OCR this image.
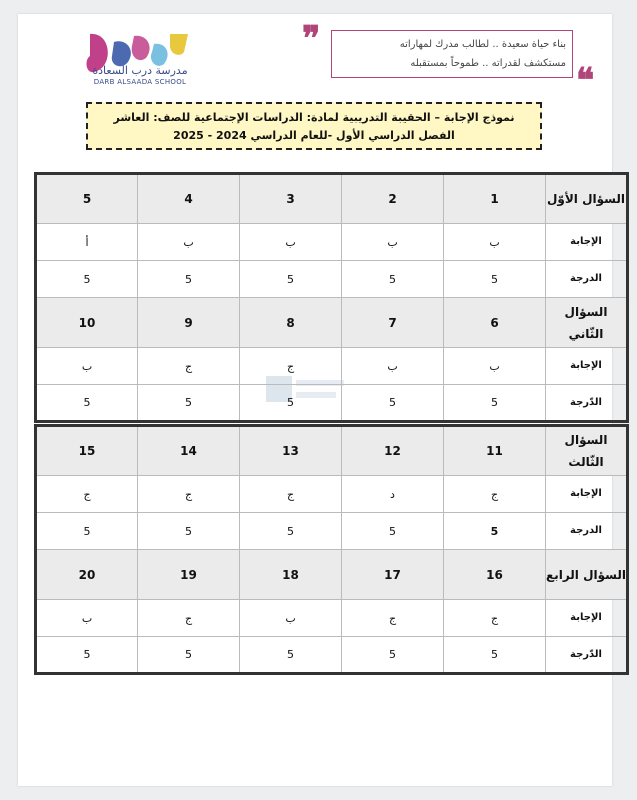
مدرسة درب السعادة
DARB ALSAADA SCHOOL
❞	بناء حياة سعيدة .. لطالب مدرك لمهاراته
مستكشف لقدراته .. طموحاً بمستقبله ❝
نموذج الإجابة – الحقيبة التدريبية لمادة: الدراسات الإجتماعية للصف: العاشر
الفصل الدراسي الأول -للعام الدراسي 2024 - 2025
السؤال الأوّل	1	2	3	4	5
الإجابة	ب	ب	ب	ب	أ
الدرجة	5	5	5	5	5
السؤال الثّاني	6	7	8	9	10
الإجابة	ب	ب	ج	ج	ب
الدّرجة	5	5	5	5	5
السؤال الثّالث	11	12	13	14	15
الإجابة	ج	د	ج	ج	ج
الدرجة	5	5	5	5	5
السؤال الرابع	16	17	18	19	20
الإجابة	ج	ج	ب	ج	ب
الدّرجة	5	5	5	5	5
